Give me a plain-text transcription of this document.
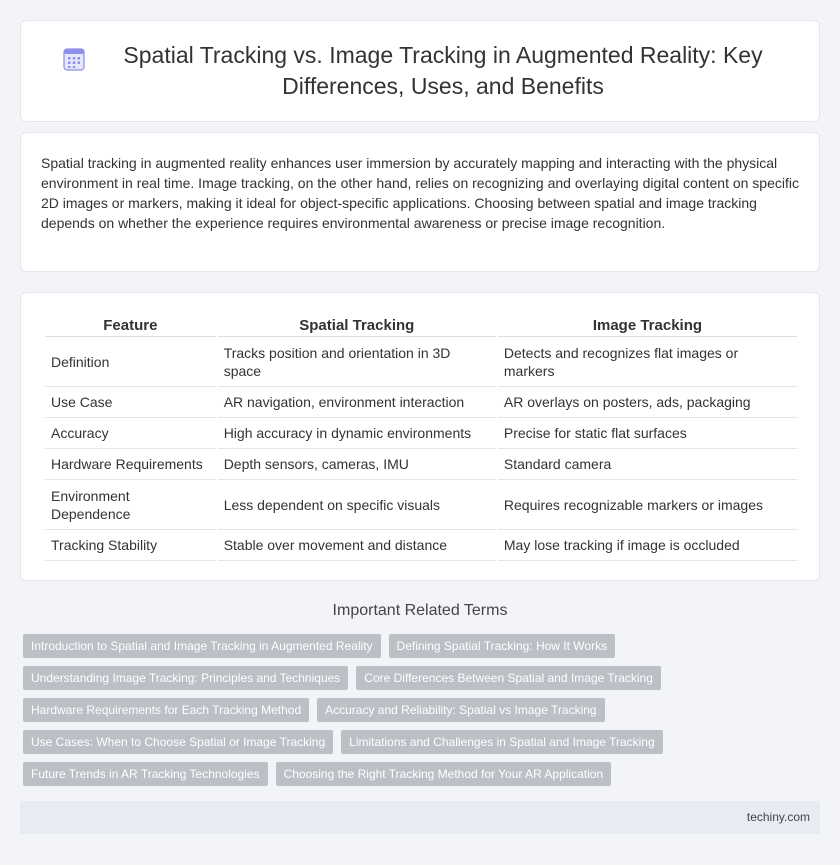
Spatial Tracking vs. Image Tracking in Augmented Reality: Key Differences, Uses, and Benefits

Spatial tracking in augmented reality enhances user immersion by accurately mapping and interacting with the physical environment in real time. Image tracking, on the other hand, relies on recognizing and overlaying digital content on specific 2D images or markers, making it ideal for object-specific applications. Choosing between spatial and image tracking depends on whether the experience requires environmental awareness or precise image recognition.

Feature	Spatial Tracking	Image Tracking
Definition	Tracks position and orientation in 3D space	Detects and recognizes flat images or markers
Use Case	AR navigation, environment interaction	AR overlays on posters, ads, packaging
Accuracy	High accuracy in dynamic environments	Precise for static flat surfaces
Hardware Requirements	Depth sensors, cameras, IMU	Standard camera
Environment Dependence	Less dependent on specific visuals	Requires recognizable markers or images
Tracking Stability	Stable over movement and distance	May lose tracking if image is occluded
Important Related Terms
Introduction to Spatial and Image Tracking in Augmented Reality	Defining Spatial Tracking: How It Works
Understanding Image Tracking: Principles and Techniques	Core Differences Between Spatial and Image Tracking
Hardware Requirements for Each Tracking Method	Accuracy and Reliability: Spatial vs Image Tracking
Use Cases: When to Choose Spatial or Image Tracking	Limitations and Challenges in Spatial and Image Tracking
Future Trends in AR Tracking Technologies	Choosing the Right Tracking Method for Your AR Application
techiny.com
